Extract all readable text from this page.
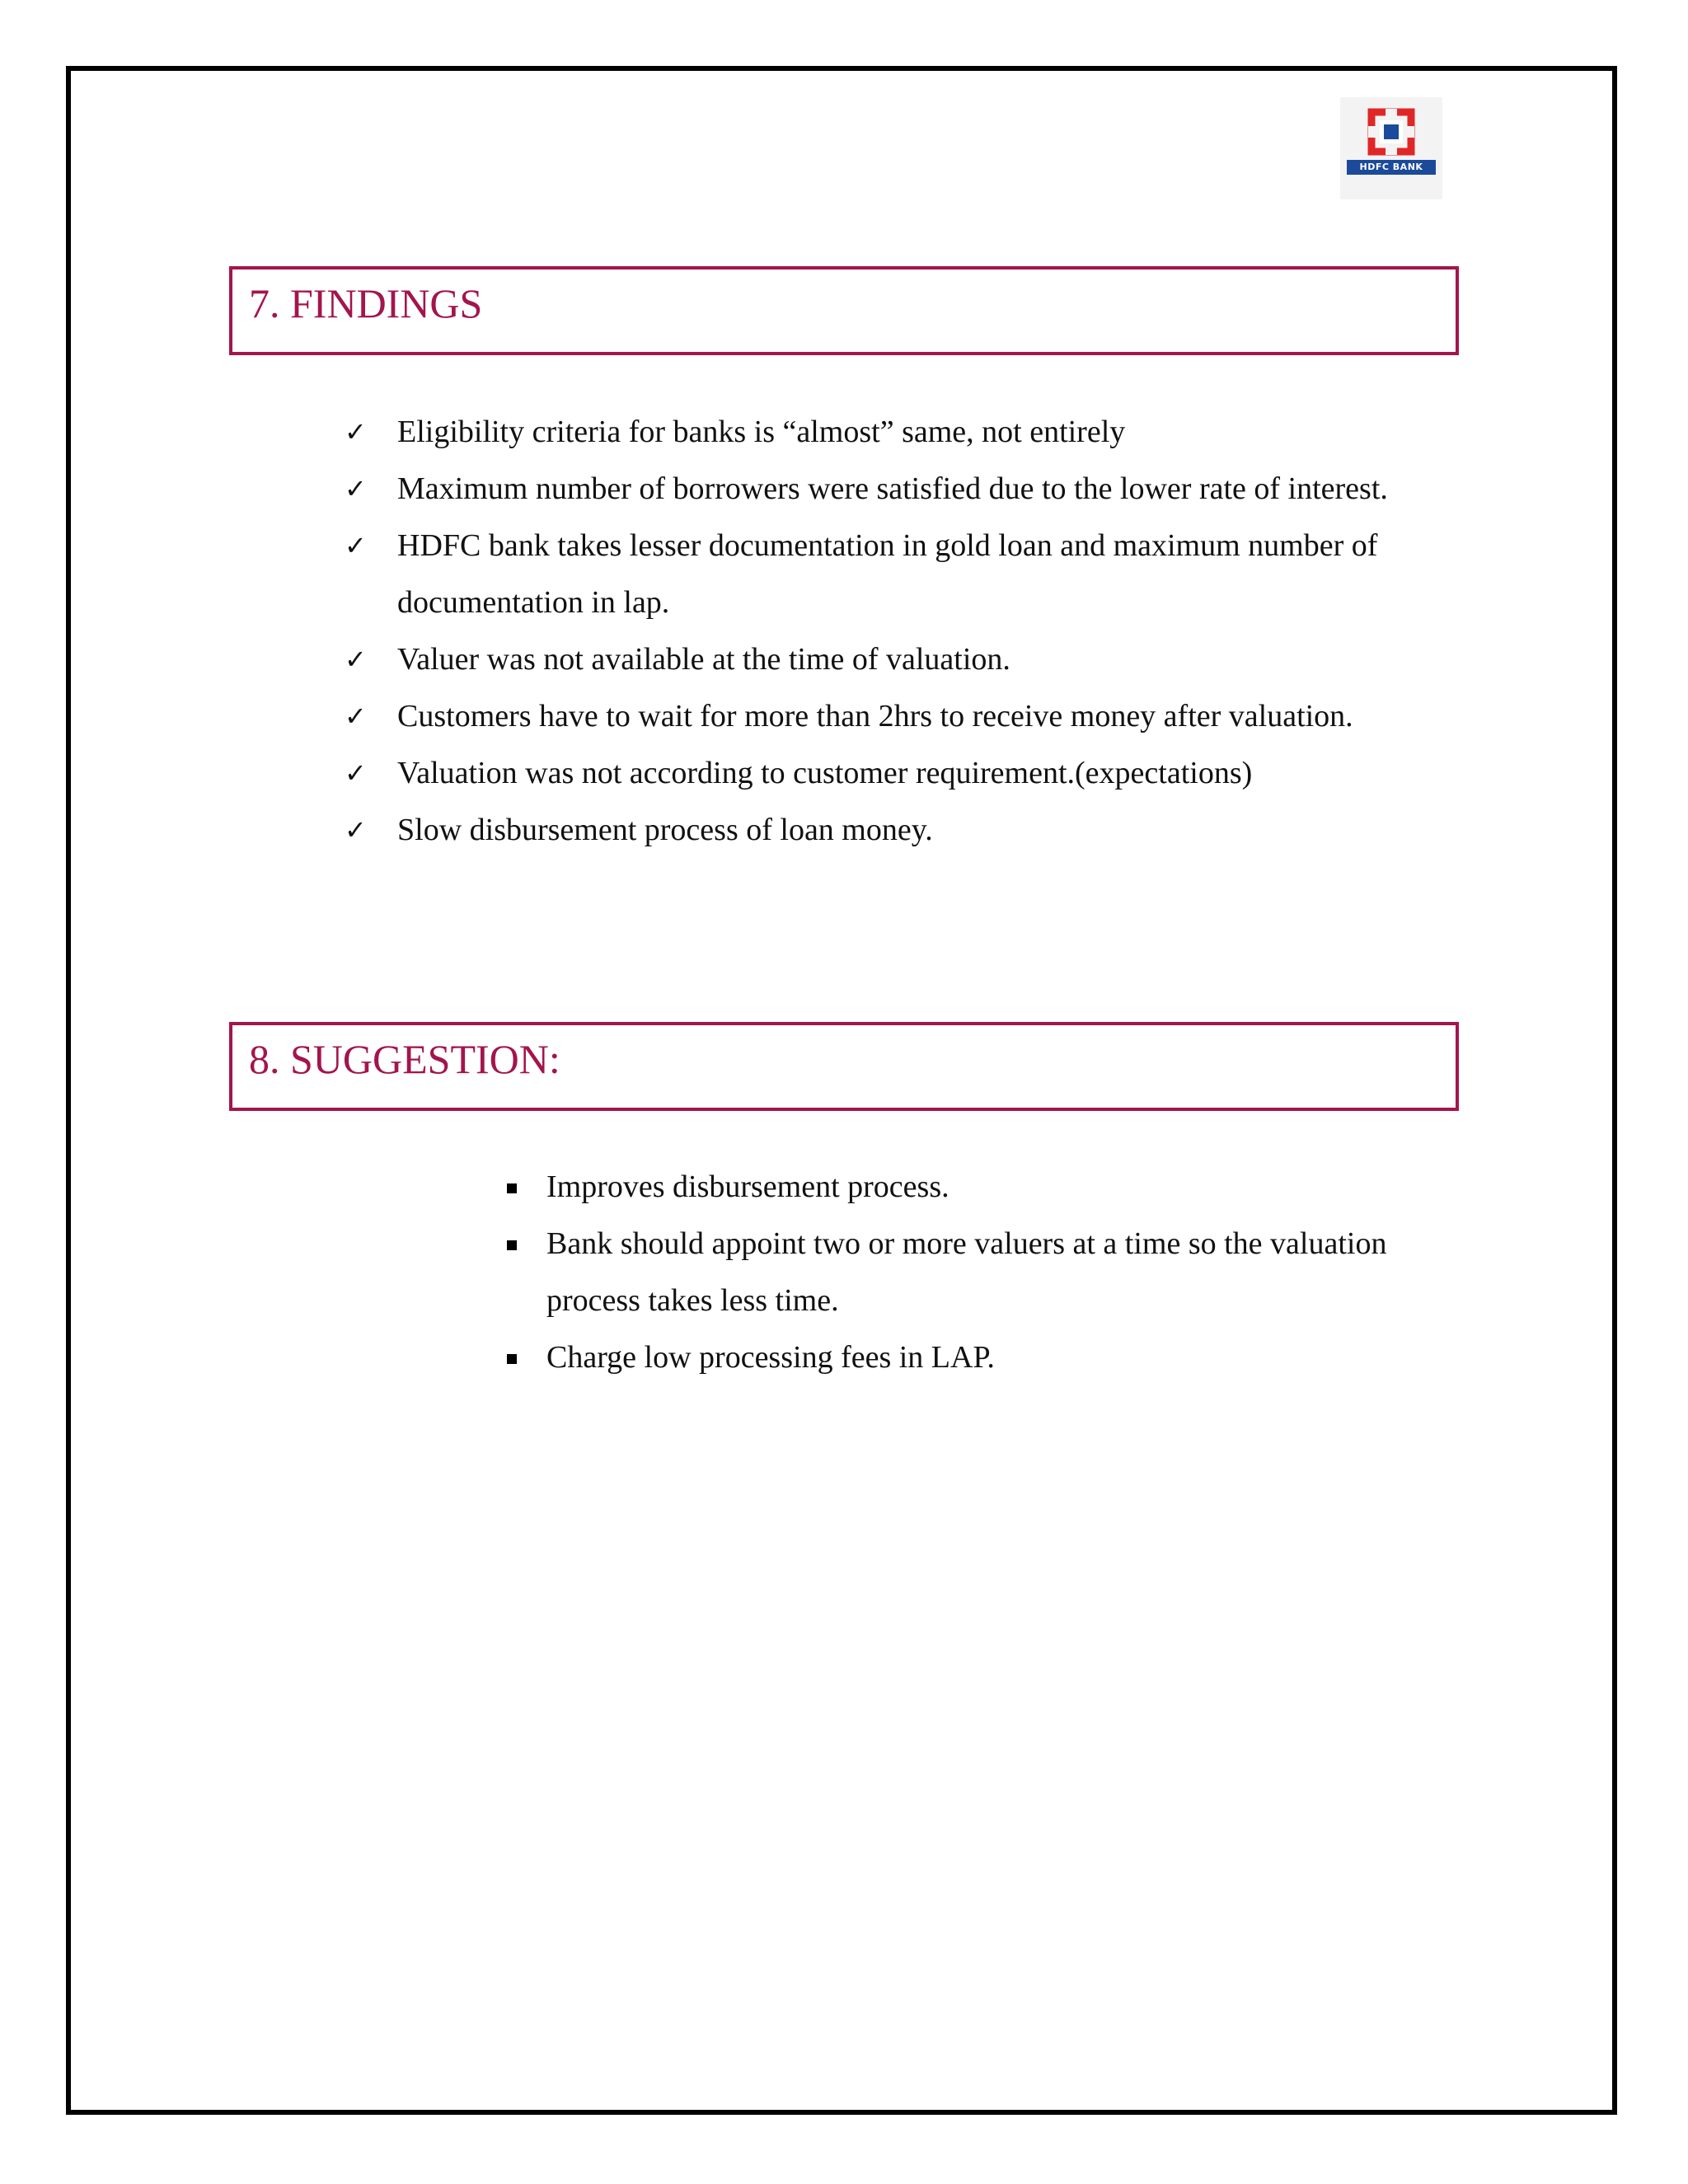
HDFC BANK
7. FINDINGS
✓ Eligibility criteria for banks is “almost” same, not entirely
✓ Maximum number of borrowers were satisfied due to the lower rate of interest.
✓ HDFC bank takes lesser documentation in gold loan and maximum number of documentation in lap.
✓ Valuer was not available at the time of valuation.
✓ Customers have to wait for more than 2hrs to receive money after valuation.
✓ Valuation was not according to customer requirement.(expectations)
✓ Slow disbursement process of loan money.
8. SUGGESTION:
Improves disbursement process.
Bank should appoint two or more valuers at a time so the valuation process takes less time.
Charge low processing fees in LAP.
